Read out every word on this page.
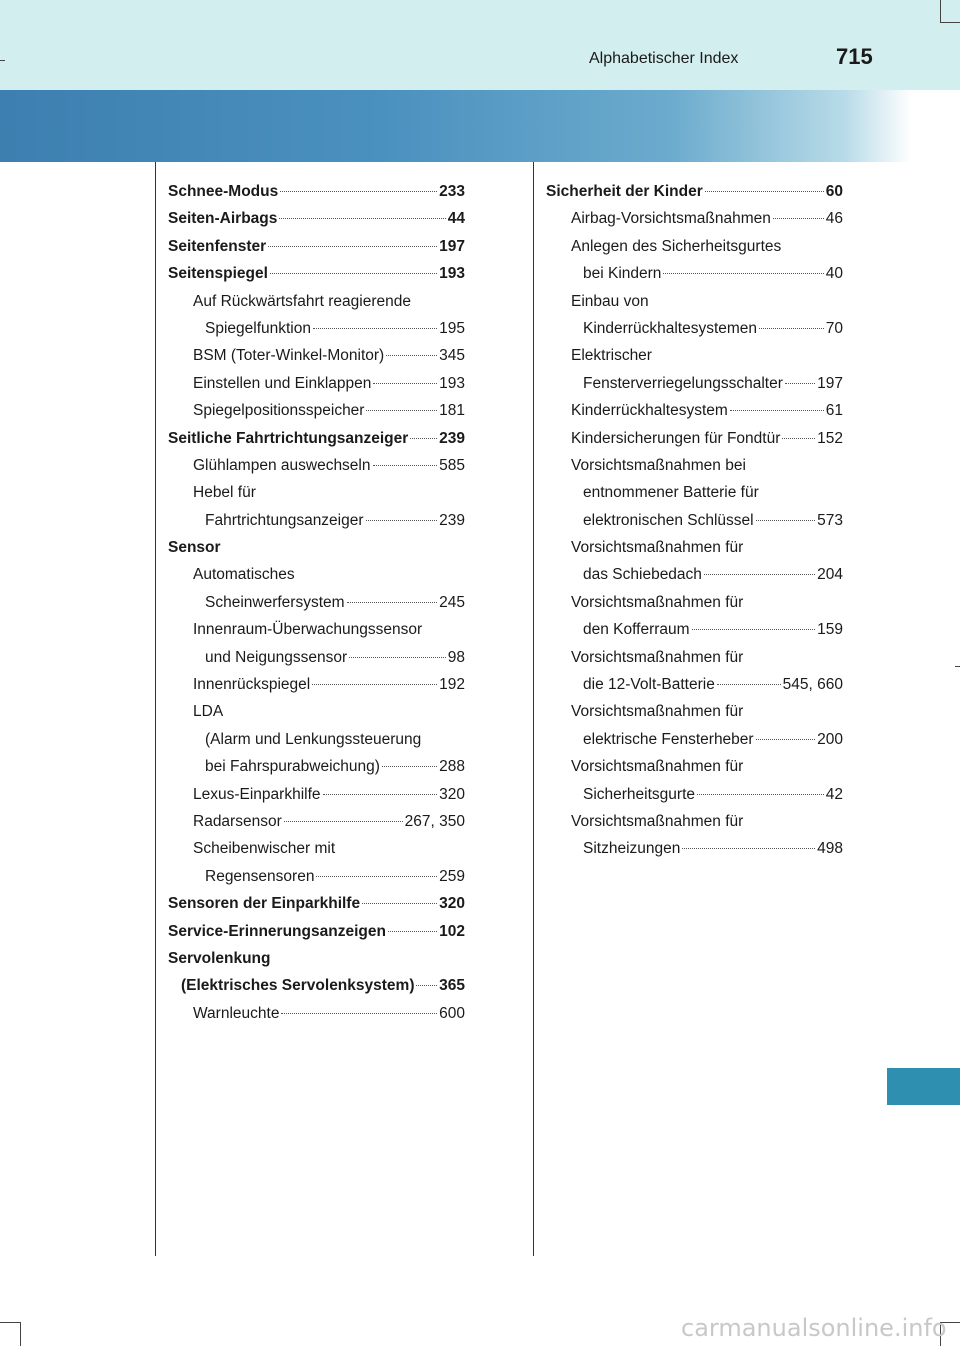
Alphabetischer Index	715
Schnee-Modus	233
Seiten-Airbags	44
Seitenfenster	197
Seitenspiegel	193
Auf Rückwärtsfahrt reagierende
Spiegelfunktion	195
BSM (Toter-Winkel-Monitor)	345
Einstellen und Einklappen	193
Spiegelpositionsspeicher	181
Seitliche Fahrtrichtungsanzeiger 239
Glühlampen auswechseln	585
Hebel für
Fahrtrichtungsanzeiger	239
Sensor
Automatisches
Scheinwerfersystem	245
Innenraum-Überwachungssensor
und Neigungssensor	98
Innenrückspiegel	192
LDA
(Alarm und Lenkungssteuerung
bei Fahrspurabweichung)	288
Lexus-Einparkhilfe	320
Radarsensor	267, 350
Scheibenwischer mit
Regensensoren	259
Sensoren der Einparkhilfe	320
Service-Erinnerungsanzeigen	102
Servolenkung
(Elektrisches Servolenksystem) 365
Warnleuchte	600
Sicherheit der Kinder	60
Airbag-Vorsichtsmaßnahmen	46
Anlegen des Sicherheitsgurtes
bei Kindern	40
Einbau von
Kinderrückhaltesystemen	70
Elektrischer
Fensterverriegelungsschalter 197
Kinderrückhaltesystem	61
Kindersicherungen für Fondtür 152
Vorsichtsmaßnahmen bei
entnommener Batterie für
elektronischen Schlüssel	573
Vorsichtsmaßnahmen für
das Schiebedach	204
Vorsichtsmaßnahmen für
den Kofferraum	159
Vorsichtsmaßnahmen für
die 12-Volt-Batterie	545, 660
Vorsichtsmaßnahmen für
elektrische Fensterheber	200
Vorsichtsmaßnahmen für
Sicherheitsgurte	42
Vorsichtsmaßnahmen für
Sitzheizungen	498
carmanualsonline.info
